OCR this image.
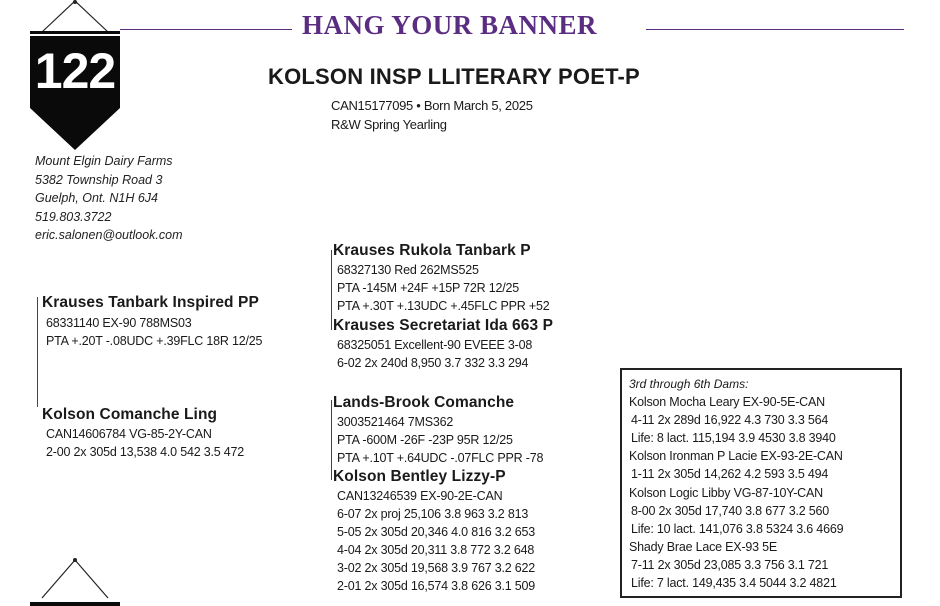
HANG YOUR BANNER
122	KOLSON INSP LLITERARY POET-P
CAN15177095 • Born March 5, 2025
R&W Spring Yearling
Mount Elgin Dairy Farms
5382 Township Road 3
Guelph, Ont. N1H 6J4
519.803.3722
eric.salonen@outlook.com
Krauses Tanbark Inspired PP
68331140 EX-90 788MS03
PTA +.20T -.08UDC +.39FLC 18R 12/25
Krauses Rukola Tanbark P
68327130 Red 262MS525
PTA -145M +24F +15P 72R 12/25
PTA +.30T +.13UDC +.45FLC PPR +52
Krauses Secretariat Ida 663 P
68325051 Excellent-90 EVEEE 3-08
6-02 2x 240d 8,950 3.7 332 3.3 294
Kolson Comanche Ling
CAN14606784 VG-85-2Y-CAN
2-00 2x 305d 13,538 4.0 542 3.5 472
Lands-Brook Comanche
3003521464 7MS362
PTA -600M -26F -23P 95R 12/25
PTA +.10T +.64UDC -.07FLC PPR -78
Kolson Bentley Lizzy-P
CAN13246539 EX-90-2E-CAN
6-07 2x proj 25,106 3.8 963 3.2 813
5-05 2x 305d 20,346 4.0 816 3.2 653
4-04 2x 305d 20,311 3.8 772 3.2 648
3-02 2x 305d 19,568 3.9 767 3.2 622
2-01 2x 305d 16,574 3.8 626 3.1 509
3rd through 6th Dams:
Kolson Mocha Leary EX-90-5E-CAN
4-11 2x 289d 16,922 4.3 730 3.3 564
Life: 8 lact. 115,194 3.9 4530 3.8 3940
Kolson Ironman P Lacie EX-93-2E-CAN
1-11 2x 305d 14,262 4.2 593 3.5 494
Kolson Logic Libby VG-87-10Y-CAN
8-00 2x 305d 17,740 3.8 677 3.2 560
Life: 10 lact. 141,076 3.8 5324 3.6 4669
Shady Brae Lace EX-93 5E
7-11 2x 305d 23,085 3.3 756 3.1 721
Life: 7 lact. 149,435 3.4 5044 3.2 4821
